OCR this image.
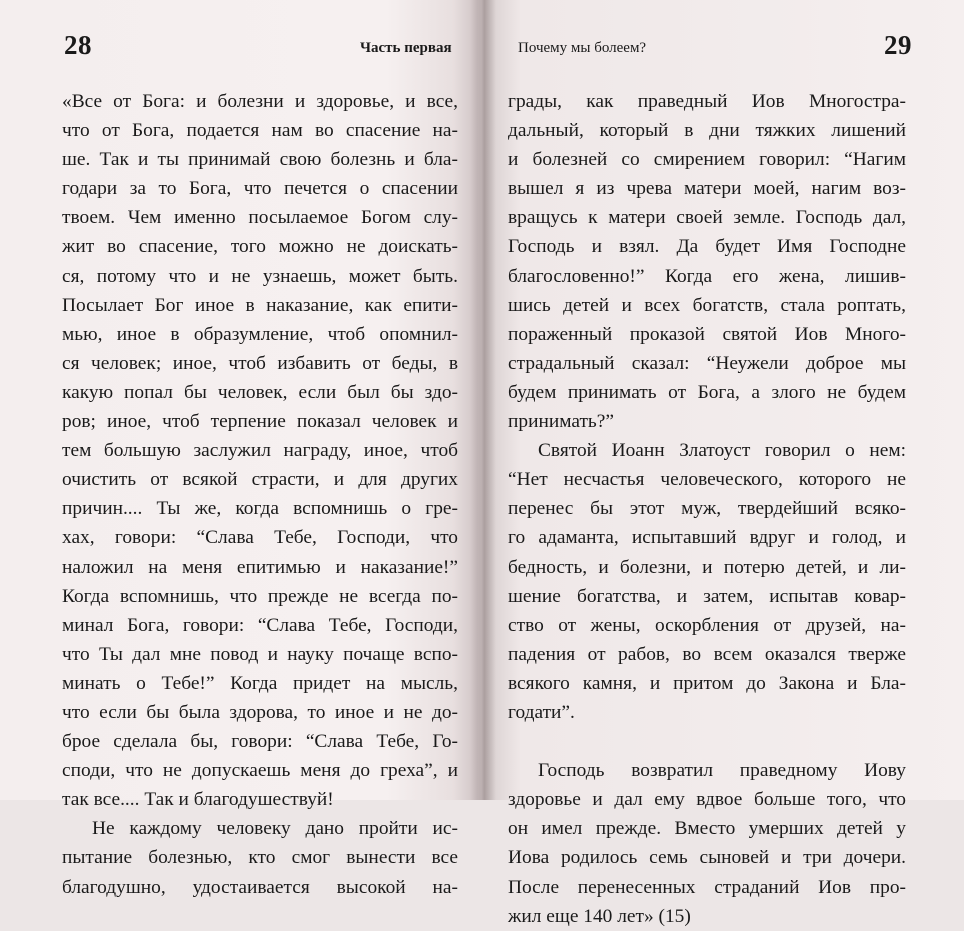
28	Часть первая
«Все от Бога: и болезни и здоровье, и все,
что от Бога, подается нам во спасение на-
ше. Так и ты принимай свою болезнь и бла-
годари за то Бога, что печется о спасении
твоем. Чем именно посылаемое Богом слу-
жит во спасение, того можно не доискать-
ся, потому что и не узнаешь, может быть.
Посылает Бог иное в наказание, как епити-
мью, иное в образумление, чтоб опомнил-
ся человек; иное, чтоб избавить от беды, в
какую попал бы человек, если был бы здо-
ров; иное, чтоб терпение показал человек и
тем большую заслужил награду, иное, чтоб
очистить от всякой страсти, и для других
причин.... Ты же, когда вспомнишь о гре-
хах, говори: “Слава Тебе, Господи, что
наложил на меня епитимью и наказание!”
Когда вспомнишь, что прежде не всегда по-
минал Бога, говори: “Слава Тебе, Господи,
что Ты дал мне повод и науку почаще вспо-
минать о Тебе!” Когда придет на мысль,
что если бы была здорова, то иное и не до-
брое сделала бы, говори: “Слава Тебе, Го-
споди, что не допускаешь меня до греха”, и
так все.... Так и благодушествуй!
Не каждому человеку дано пройти ис-
пытание болезнью, кто смог вынести все
благодушно, удостаивается высокой на-
Почему мы болеем?	29
грады, как праведный Иов Многостра-
дальный, который в дни тяжких лишений
и болезней со смирением говорил: “Нагим
вышел я из чрева матери моей, нагим воз-
вращусь к матери своей земле. Господь дал,
Господь и взял. Да будет Имя Господне
благословенно!” Когда его жена, лишив-
шись детей и всех богатств, стала роптать,
пораженный проказой святой Иов Много-
страдальный сказал: “Неужели доброе мы
будем принимать от Бога, а злого не будем
принимать?”
Святой Иоанн Златоуст говорил о нем:
“Нет несчастья человеческого, которого не
перенес бы этот муж, твердейший всяко-
го адаманта, испытавший вдруг и голод, и
бедность, и болезни, и потерю детей, и ли-
шение богатства, и затем, испытав ковар-
ство от жены, оскорбления от друзей, на-
падения от рабов, во всем оказался тверже
всякого камня, и притом до Закона и Бла-
годати”.
Господь возвратил праведному Иову
здоровье и дал ему вдвое больше того, что
он имел прежде. Вместо умерших детей у
Иова родилось семь сыновей и три дочери.
После перенесенных страданий Иов про-
жил еще 140 лет» (15)
